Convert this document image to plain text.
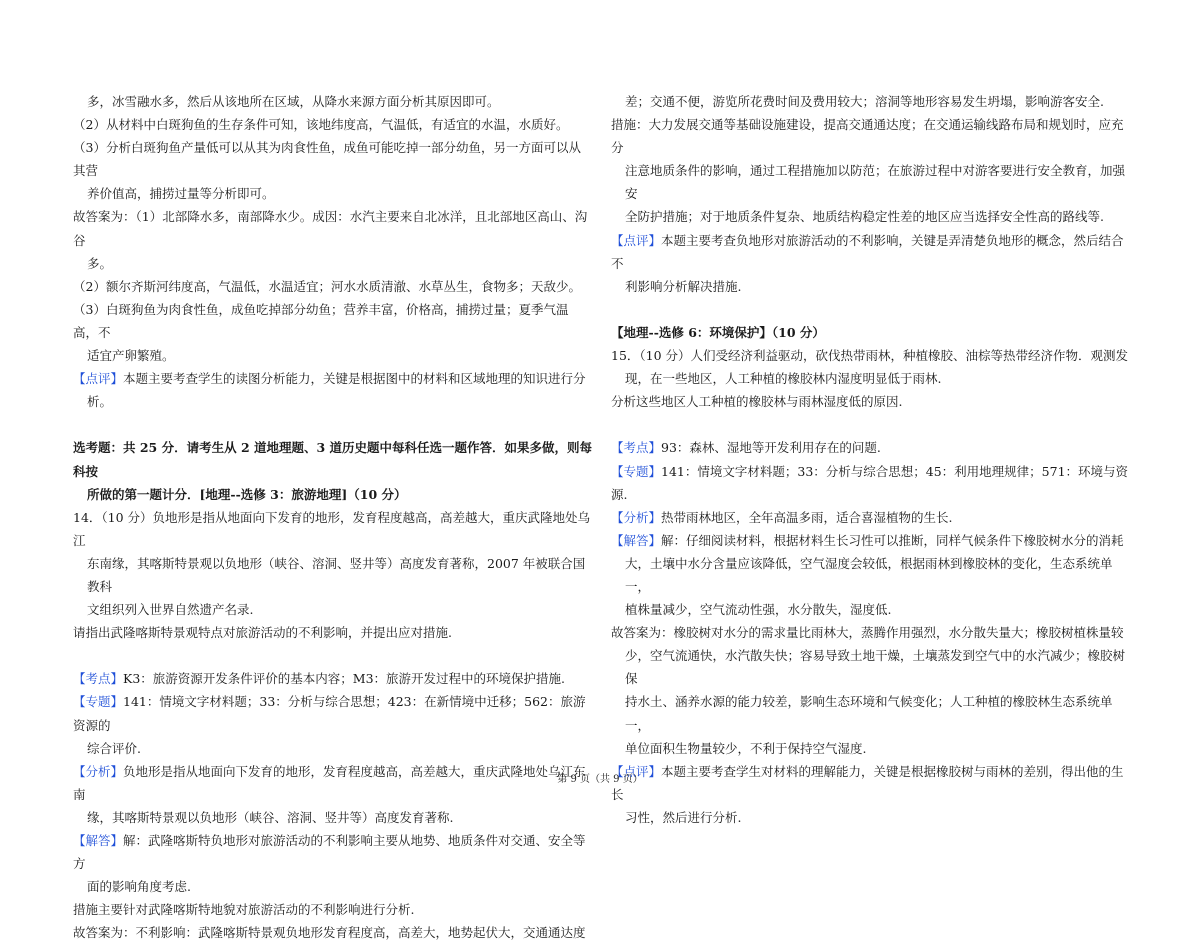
多，冰雪融水多，然后从该地所在区域，从降水来源方面分析其原因即可。

（2）从材料中白斑狗鱼的生存条件可知，该地纬度高，气温低，有适宜的水温，水质好。

（3）分析白斑狗鱼产量低可以从其为肉食性鱼，成鱼可能吃掉一部分幼鱼，另一方面可以从其营

养价值高，捕捞过量等分析即可。

故答案为：（1）北部降水多，南部降水少。成因：水汽主要来自北冰洋，且北部地区高山、沟谷

多。

（2）额尔齐斯河纬度高，气温低，水温适宜；河水水质清澈、水草丛生，食物多；天敌少。

（3）白斑狗鱼为肉食性鱼，成鱼吃掉部分幼鱼；营养丰富，价格高，捕捞过量；夏季气温高，不

适宜产卵繁殖。

【点评】本题主要考查学生的读图分析能力，关键是根据图中的材料和区域地理的知识进行分

析。

选考题：共 25 分．请考生从 2 道地理题、3 道历史题中每科任选一题作答．如果多做，则每科按

所做的第一题计分．[地理--选修 3：旅游地理]（10 分）

14．（10 分）负地形是指从地面向下发育的地形，发育程度越高，高差越大，重庆武隆地处乌江

东南缘，其喀斯特景观以负地形（峡谷、溶洞、竖井等）高度发育著称，2007 年被联合国教科

文组织列入世界自然遗产名录.

请指出武隆喀斯特景观特点对旅游活动的不利影响，并提出应对措施.

【考点】K3：旅游资源开发条件评价的基本内容；M3：旅游开发过程中的环境保护措施.

【专题】141：情境文字材料题；33：分析与综合思想；423：在新情境中迁移；562：旅游资源的

综合评价.

【分析】负地形是指从地面向下发育的地形，发育程度越高，高差越大，重庆武隆地处乌江东南

缘，其喀斯特景观以负地形（峡谷、溶洞、竖井等）高度发育著称.

【解答】解：武隆喀斯特负地形对旅游活动的不利影响主要从地势、地质条件对交通、安全等方

面的影响角度考虑.

措施主要针对武隆喀斯特地貌对旅游活动的不利影响进行分析.

故答案为：不利影响：武隆喀斯特景观负地形发育程度高，高差大，地势起伏大，交通通达度

差；交通不便，游览所花费时间及费用较大；溶洞等地形容易发生坍塌，影响游客安全.

措施：大力发展交通等基础设施建设，提高交通通达度；在交通运输线路布局和规划时，应充分

注意地质条件的影响，通过工程措施加以防范；在旅游过程中对游客要进行安全教育，加强安

全防护措施；对于地质条件复杂、地质结构稳定性差的地区应当选择安全性高的路线等.

【点评】本题主要考查负地形对旅游活动的不利影响，关键是弄清楚负地形的概念，然后结合不

利影响分析解决措施.

【地理--选修 6：环境保护】（10 分）

15．（10 分）人们受经济利益驱动，砍伐热带雨林，种植橡胶、油棕等热带经济作物．观测发

现，在一些地区，人工种植的橡胶林内湿度明显低于雨林.

分析这些地区人工种植的橡胶林与雨林湿度低的原因.

【考点】93：森林、湿地等开发利用存在的问题.

【专题】141：情境文字材料题；33：分析与综合思想；45：利用地理规律；571：环境与资源.

【分析】热带雨林地区，全年高温多雨，适合喜湿植物的生长.

【解答】解：仔细阅读材料，根据材料生长习性可以推断，同样气候条件下橡胶树水分的消耗

大，土壤中水分含量应该降低，空气湿度会较低，根据雨林到橡胶林的变化，生态系统单一，

植株量减少，空气流动性强，水分散失，湿度低.

故答案为：橡胶树对水分的需求量比雨林大，蒸腾作用强烈，水分散失量大；橡胶树植株量较

少，空气流通快，水汽散失快；容易导致土地干燥，土壤蒸发到空气中的水汽减少；橡胶树保

持水土、涵养水源的能力较差，影响生态环境和气候变化；人工种植的橡胶林生态系统单一，

单位面积生物量较少，不利于保持空气湿度.

【点评】本题主要考查学生对材料的理解能力，关键是根据橡胶树与雨林的差别，得出他的生长

习性，然后进行分析.

第 9 页（共 9 页）
